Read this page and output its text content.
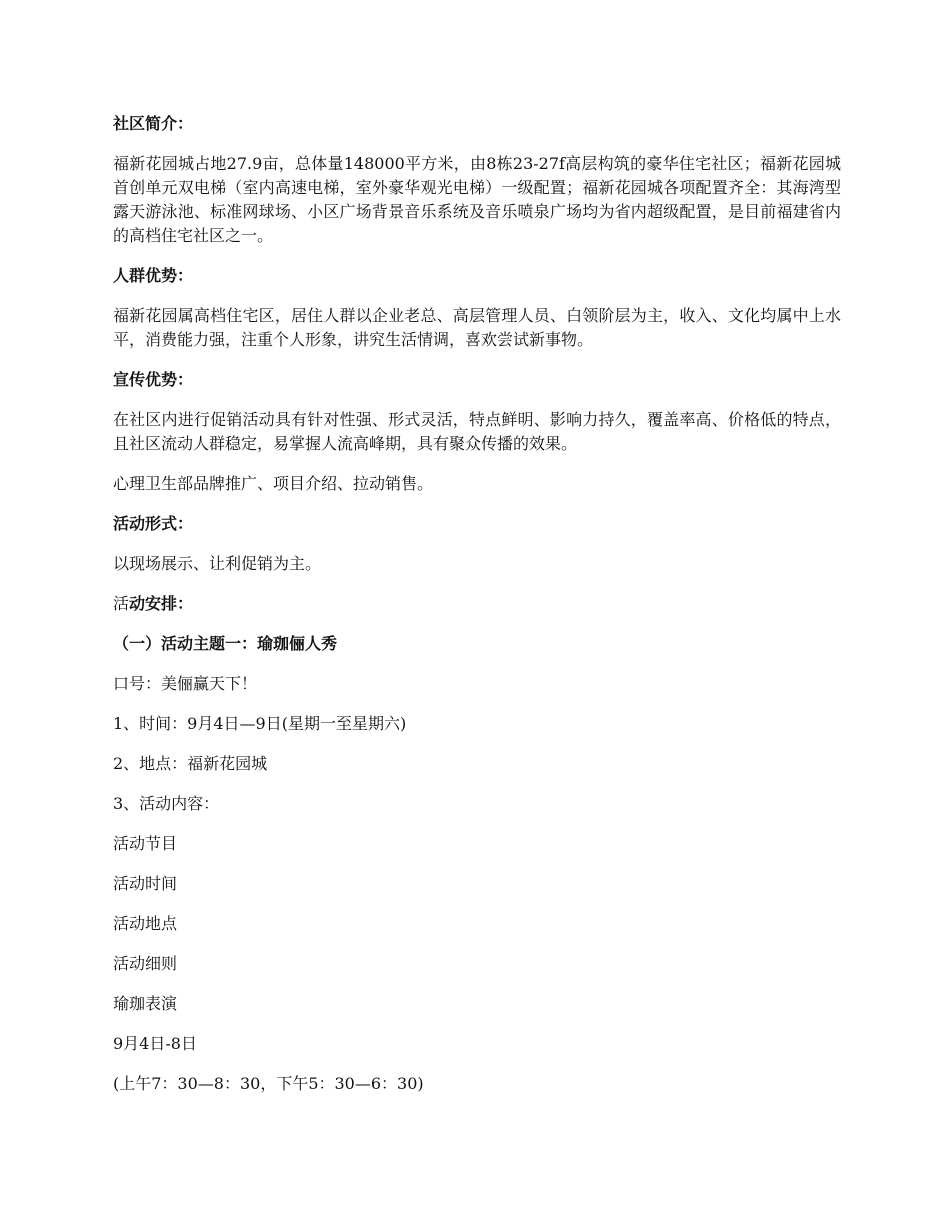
社区简介：
福新花园城占地27.9亩，总体量148000平方米，由8栋23-27f高层构筑的豪华住宅社区；福新花园城首创单元双电梯（室内高速电梯，室外豪华观光电梯）一级配置；福新花园城各项配置齐全：其海湾型露天游泳池、标准网球场、小区广场背景音乐系统及音乐喷泉广场均为省内超级配置，是目前福建省内的高档住宅社区之一。
人群优势：
福新花园属高档住宅区，居住人群以企业老总、高层管理人员、白领阶层为主，收入、文化均属中上水平，消费能力强，注重个人形象，讲究生活情调，喜欢尝试新事物。
宣传优势：
在社区内进行促销活动具有针对性强、形式灵活，特点鲜明、影响力持久，覆盖率高、价格低的特点，且社区流动人群稳定，易掌握人流高峰期，具有聚众传播的效果。
心理卫生部品牌推广、项目介绍、拉动销售。
活动形式：
以现场展示、让利促销为主。
活动安排：
（一）活动主题一：瑜珈俪人秀
口号：美俪赢天下！
1、时间：9月4日—9日(星期一至星期六)
2、地点：福新花园城
3、活动内容：
活动节目
活动时间
活动地点
活动细则
瑜珈表演
9月4日-8日
(上午7：30—8：30，下午5：30—6：30)
